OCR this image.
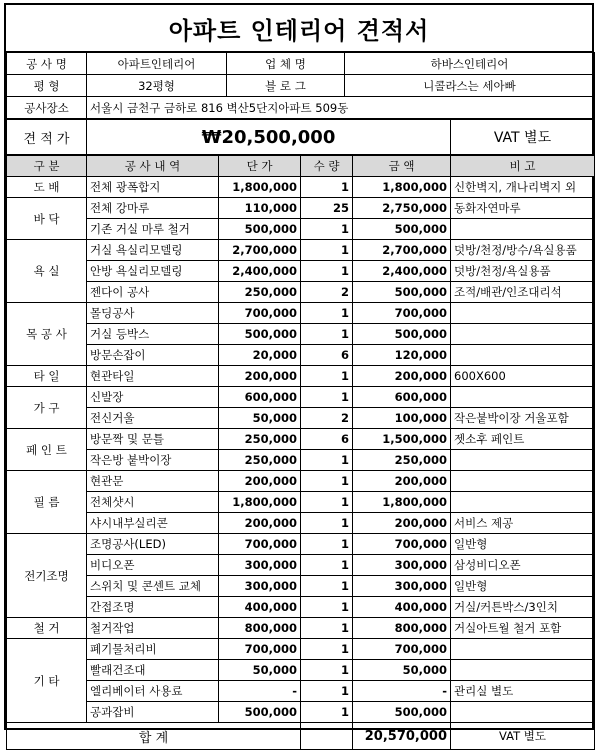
아파트 인테리어 견적서
공 사 명	아파트인테리어	업 체 명	하바스인테리어
평 형	32평형	블 로 그	니콜라스는 세아빠
공사장소	서울시 금천구 금하로 816 벽산5단지아파트 509동		
견 적 가	₩20,500,000	VAT 별도
구 분	공 사 내 역	단 가	수 량	금 액	비 고
도 배	전체 광폭합지	1,800,000	1	1,800,000	신한벽지, 개나리벽지 외
바 닥	전체 강마루	110,000	25	2,750,000	동화자연마루
	기존 거실 마루 철거	500,000	1	500,000	
욕 실	거실 욕실리모델링	2,700,000	1	2,700,000	덧방/천정/방수/욕실용품
	안방 욕실리모델링	2,400,000	1	2,400,000	덧방/천정/욕실용품
	젠다이 공사	250,000	2	500,000	조적/배관/인조대리석
목 공 사	몰딩공사	700,000	1	700,000	
	거실 등박스	500,000	1	500,000	
	방문손잡이	20,000	6	120,000	
타 일	현관타일	200,000	1	200,000	600X600
가 구	신발장	600,000	1	600,000	
	전신거울	50,000	2	100,000	작은붙박이장 거울포함
페 인 트	방문짝 및 문틀	250,000	6	1,500,000	젯소후 페인트
	작은방 붙박이장	250,000	1	250,000	
필 름	현관문	200,000	1	200,000	
	전체샷시	1,800,000	1	1,800,000	
	샤시내부실리콘	200,000	1	200,000	서비스 제공
전기조명	조명공사(LED)	700,000	1	700,000	일반형
	비디오폰	300,000	1	300,000	삼성비디오폰
	스위치 및 콘센트 교체	300,000	1	300,000	일반형
	간접조명	400,000	1	400,000	거실/커튼박스/3인치
철 거	철거작업	800,000	1	800,000	거실아트월 철거 포함
기 타	폐기물처리비	700,000	1	700,000	
	빨래건조대	50,000	1	50,000	
	엘리베이터 사용료	-	1	-	관리실 별도
	공과잡비	500,000	1	500,000	
합 계				20,570,000	VAT 별도
